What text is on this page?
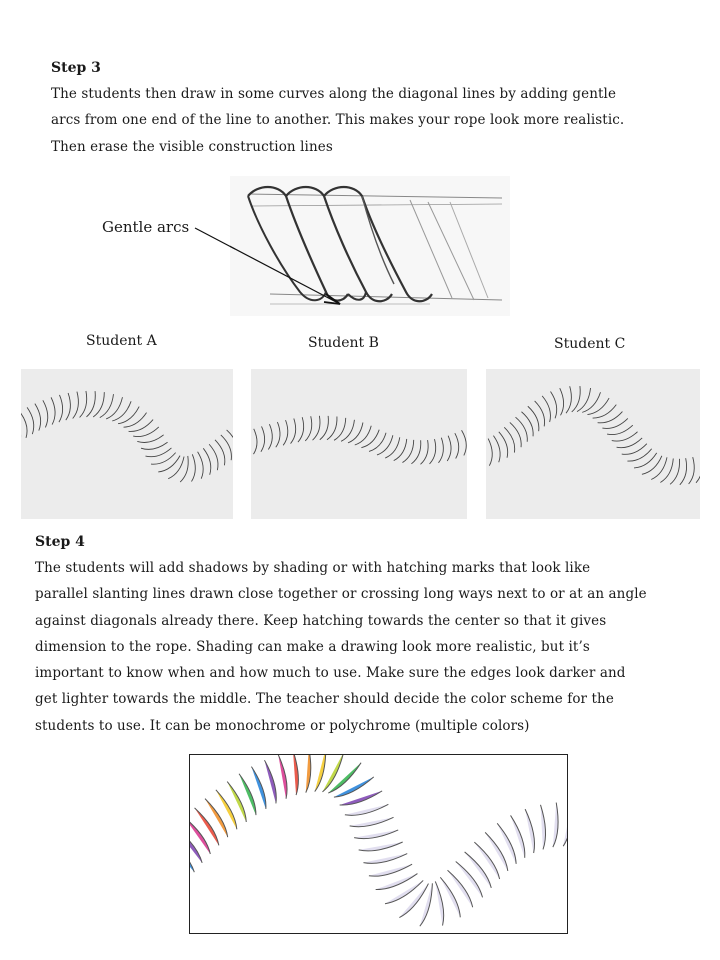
Step 3
The students then draw in some curves along the diagonal lines by adding gentle
arcs from one end of the line to another. This makes your rope look more realistic.
Then erase the visible construction lines
Gentle arcs
Student A	Student B	Student C
Step 4
The students will add shadows by shading or with hatching marks that look like
parallel slanting lines drawn close together or crossing long ways next to or at an angle
against diagonals already there. Keep hatching towards the center so that it gives
dimension to the rope. Shading can make a drawing look more realistic, but it’s
important to know when and how much to use. Make sure the edges look darker and
get lighter towards the middle. The teacher should decide the color scheme for the
students to use. It can be monochrome or polychrome (multiple colors)
